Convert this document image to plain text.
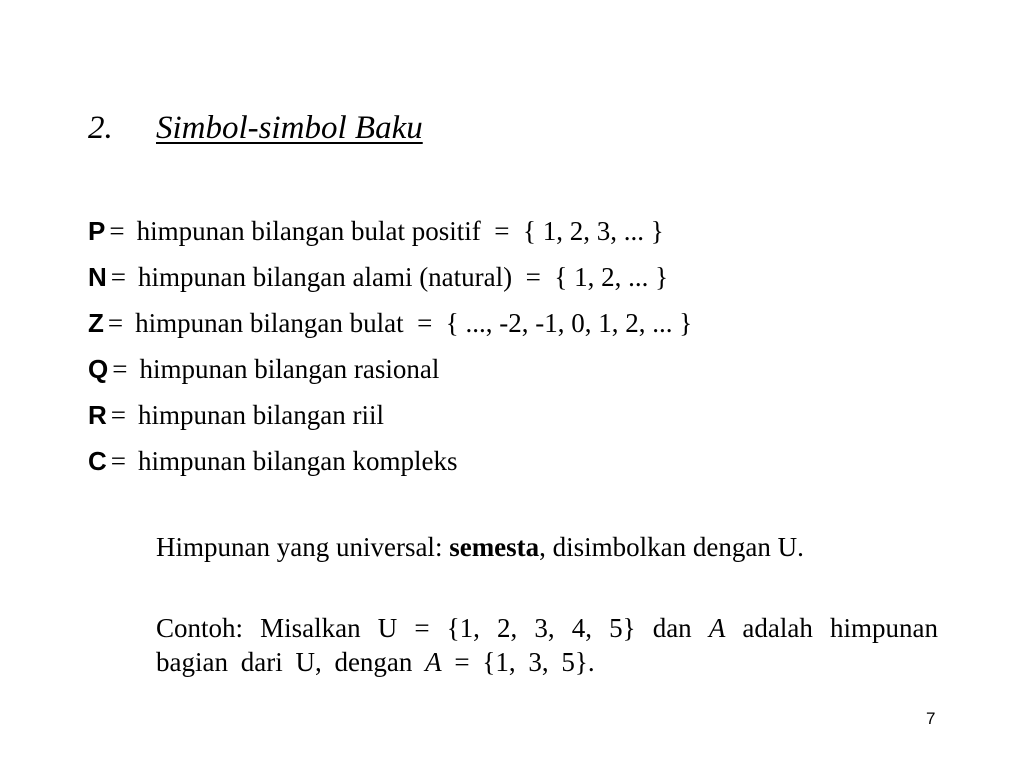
2. Simbol-simbol Baku
P = himpunan bilangan bulat positif  =  { 1, 2, 3, ... }
N = himpunan bilangan alami (natural)  =  { 1, 2, ... }
Z = himpunan bilangan bulat  =  { ..., -2, -1, 0, 1, 2, ... }
Q = himpunan bilangan rasional
R = himpunan bilangan riil
C = himpunan bilangan kompleks
Himpunan yang universal: semesta, disimbolkan dengan U.
Contoh: Misalkan U = {1, 2, 3, 4, 5} dan A adalah himpunan bagian dari U, dengan A = {1, 3, 5}.
7
